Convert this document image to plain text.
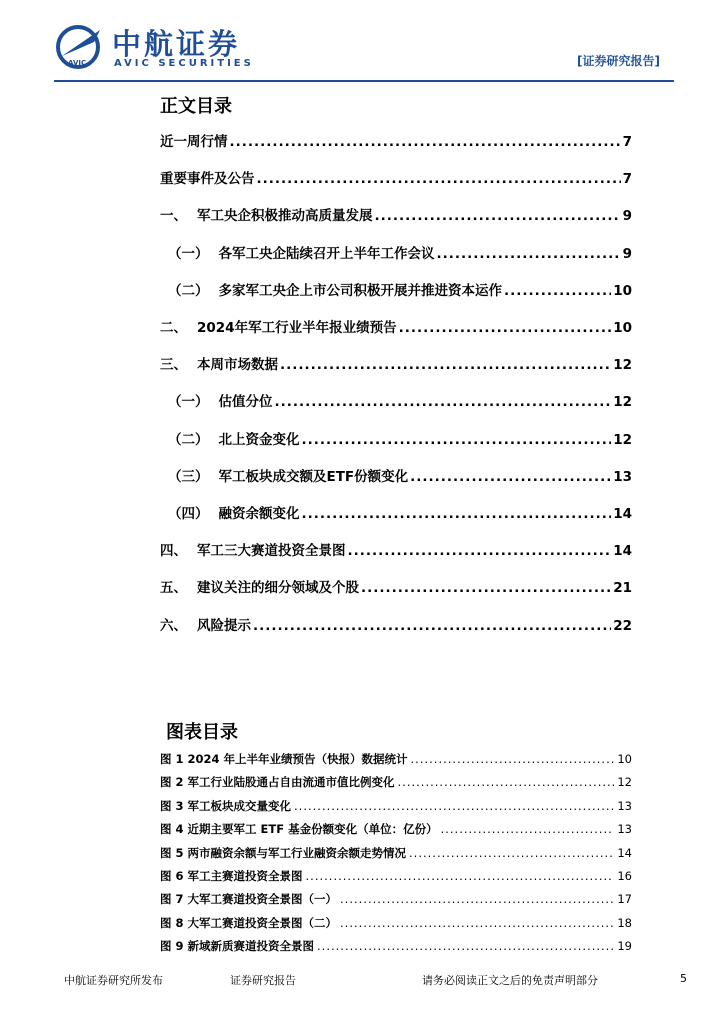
AVIC
中航证券
AVIC SECURITIES	[证券研究报告]
正文目录
近一周行情 .....	7
重要事件及公告 .....	7
一、 军工央企积极推动高质量发展 .....	9
（一） 各军工央企陆续召开上半年工作会议 .....	9
（二） 多家军工央企上市公司积极开展并推进资本运作 .....	10
二、 2024年军工行业半年报业绩预告 .....	10
三、 本周市场数据 .....	12
（一） 估值分位 .....	12
（二） 北上资金变化 .....	12
（三） 军工板块成交额及ETF份额变化 .....	13
（四） 融资余额变化 .....	14
四、 军工三大赛道投资全景图 .....	14
五、 建议关注的细分领域及个股 .....	21
六、 风险提示 .....	22
图表目录
图 1 2024 年上半年业绩预告（快报）数据统计 .....	10
图 2 军工行业陆股通占自由流通市值比例变化 .....	12
图 3 军工板块成交量变化 .....	13
图 4 近期主要军工 ETF 基金份额变化（单位：亿份） .....	13
图 5 两市融资余额与军工行业融资余额走势情况 .....	14
图 6 军工主赛道投资全景图 .....	16
图 7 大军工赛道投资全景图（一） .....	17
图 8 大军工赛道投资全景图（二） .....	18
图 9 新域新质赛道投资全景图 .....	19
中航证券研究所发布	证券研究报告	请务必阅读正文之后的免责声明部分	5
